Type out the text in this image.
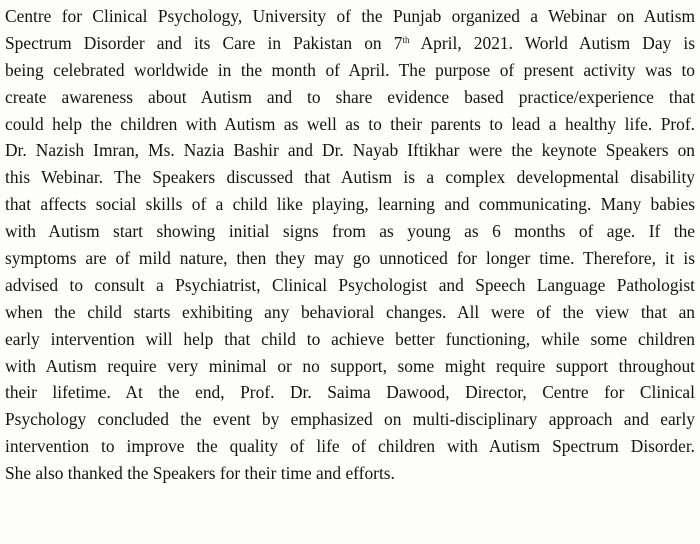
Centre for Clinical Psychology, University of the Punjab organized a Webinar on Autism
Spectrum Disorder and its Care in Pakistan on 7th April, 2021. World Autism Day is
being celebrated worldwide in the month of April. The purpose of present activity was to
create awareness about Autism and to share evidence based practice/experience that
could help the children with Autism as well as to their parents to lead a healthy life. Prof.
Dr. Nazish Imran, Ms. Nazia Bashir and Dr. Nayab Iftikhar were the keynote Speakers on
this Webinar. The Speakers discussed that Autism is a complex developmental disability
that affects social skills of a child like playing, learning and communicating. Many babies
with Autism start showing initial signs from as young as 6 months of age. If the
symptoms are of mild nature, then they may go unnoticed for longer time. Therefore, it is
advised to consult a Psychiatrist, Clinical Psychologist and Speech Language Pathologist
when the child starts exhibiting any behavioral changes. All were of the view that an
early intervention will help that child to achieve better functioning, while some children
with Autism require very minimal or no support, some might require support throughout
their lifetime. At the end, Prof. Dr. Saima Dawood, Director, Centre for Clinical
Psychology concluded the event by emphasized on multi-disciplinary approach and early
intervention to improve the quality of life of children with Autism Spectrum Disorder.
She also thanked the Speakers for their time and efforts.
